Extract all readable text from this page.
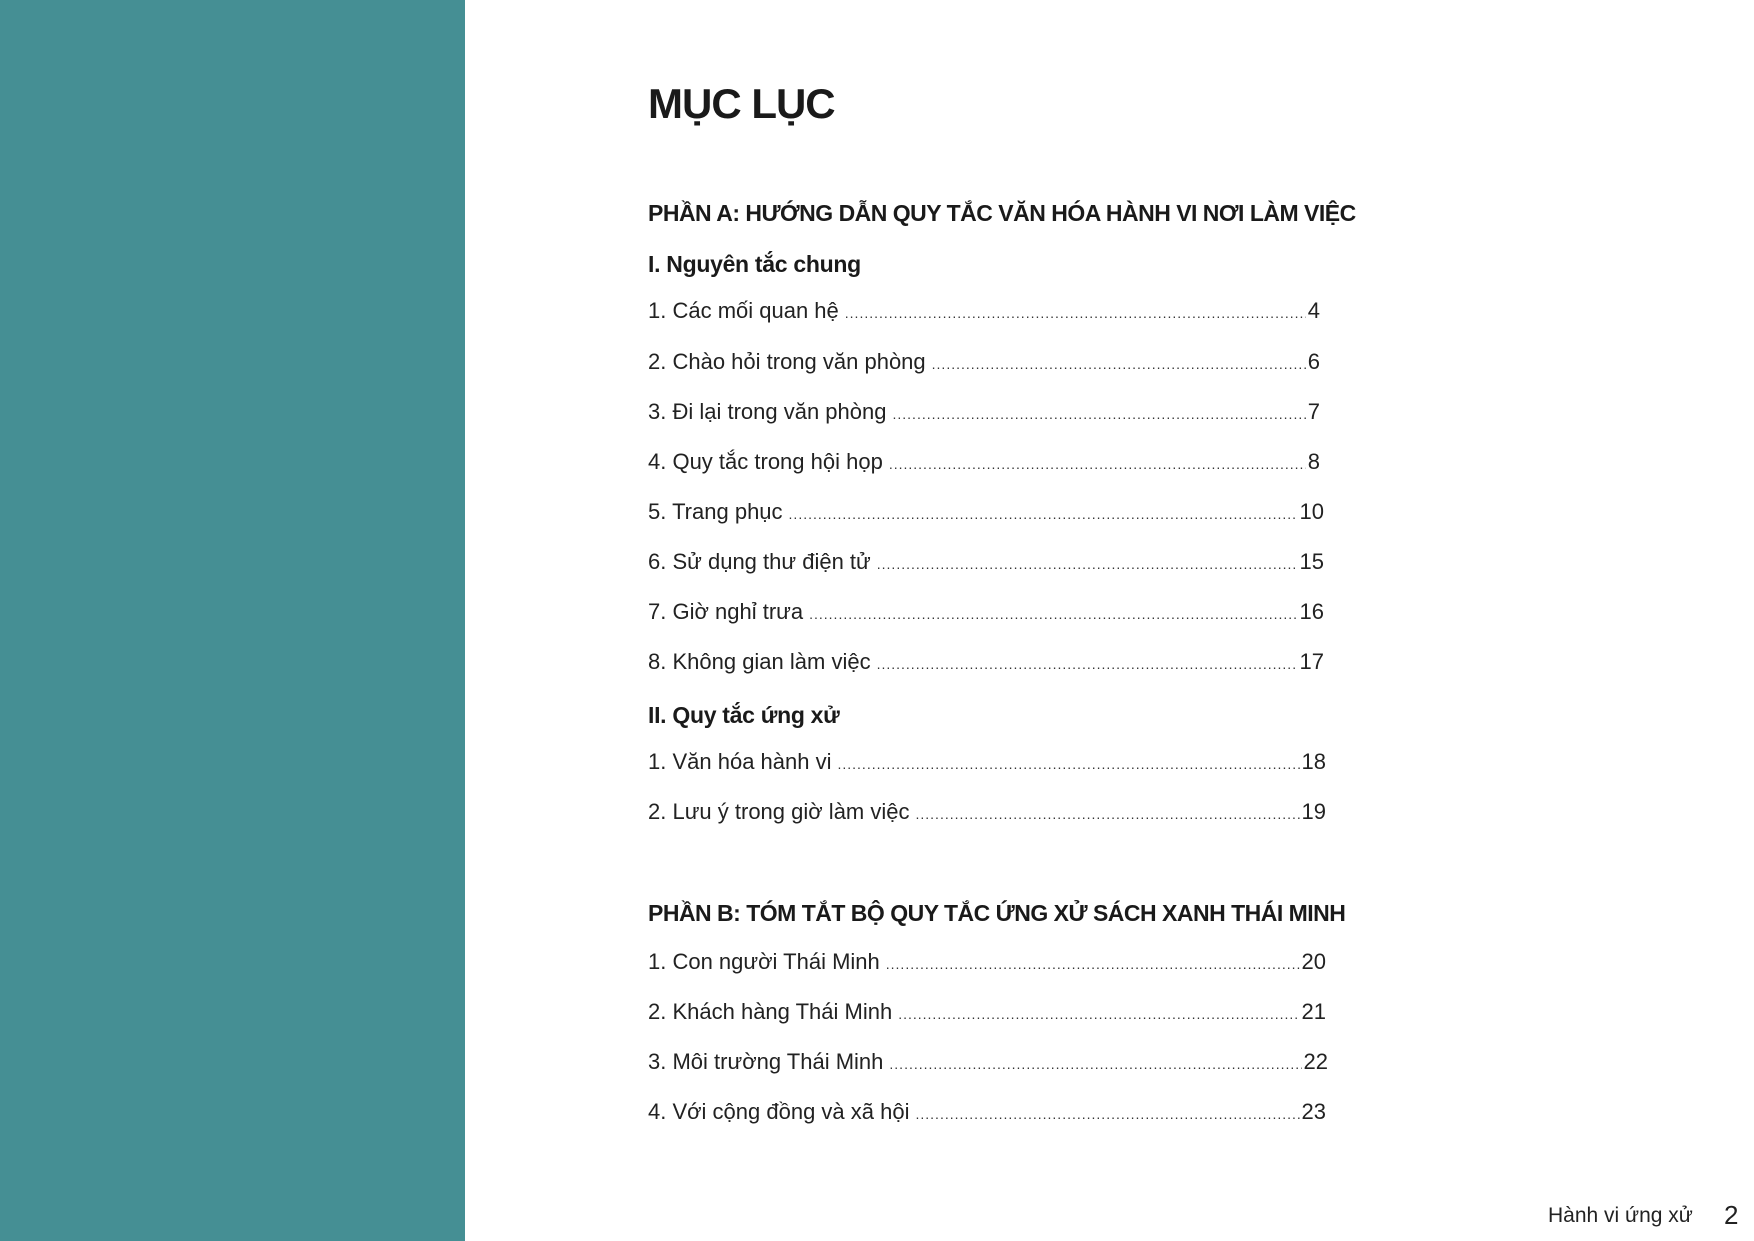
MỤC LỤC
PHẦN A: HƯỚNG DẪN QUY TẮC VĂN HÓA HÀNH VI NƠI LÀM VIỆC
I. Nguyên tắc chung
1. Các mối quan hệ .....	4
2. Chào hỏi trong văn phòng .....	6
3. Đi lại trong văn phòng .....	7
4. Quy tắc trong hội họp .....	8
5. Trang phục .....	10
6. Sử dụng thư điện tử .....	15
7. Giờ nghỉ trưa .....	16
8. Không gian làm việc .....	17
II. Quy tắc ứng xử
1. Văn hóa hành vi .....	18
2. Lưu ý trong giờ làm việc .....	19
PHẦN B: TÓM TẮT BỘ QUY TẮC ỨNG XỬ SÁCH XANH THÁI MINH
1. Con người Thái Minh .....	20
2. Khách hàng Thái Minh .....	21
3. Môi trường Thái Minh .....	22
4. Với cộng đồng và xã hội .....	23
Hành vi ứng xử 2
